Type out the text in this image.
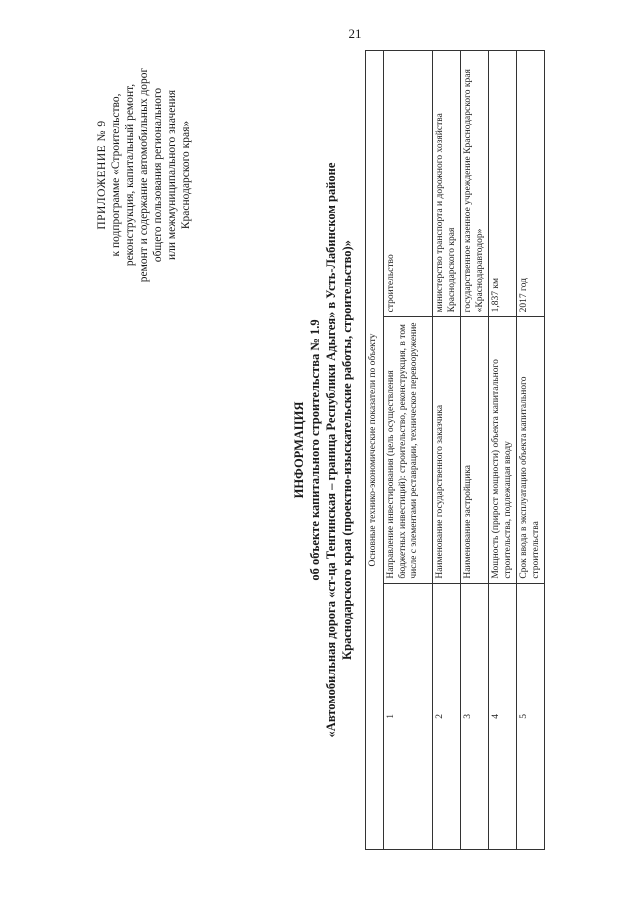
21
ПРИЛОЖЕНИЕ № 9 к подпрограмме «Строительство, реконструкция, капитальный ремонт, ремонт и содержание автомобильных дорог общего пользования регионального или межмуниципального значения Краснодарского края»
ИНФОРМАЦИЯ об объекте капитального строительства № 1.9 «Автомобильная дорога «ст-ца Тенгинская – граница Республики Адыгея» в Усть-Лабинском районе Краснодарского края (проектно-изыскательские работы, строительство)» Основные технико-экономические показатели по объекту		
1	Направление инвестирования (цель осуществления бюджетных инвестиций): строительство, реконструкция, в том числе с элементами реставрации, техническое перевооружение	строительство
2	Наименование государственного заказчика	министерство транспорта и дорожного хозяйства Краснодарского края
3	Наименование застройщика	государственное казенное учреждение Краснодарского края «Краснодаравтодор»
4	Мощность (прирост мощности) объекта капитального строительства, подлежащая вводу	1,837 км
5	Срок ввода в эксплуатацию объекта капитального строительства	2017 год
